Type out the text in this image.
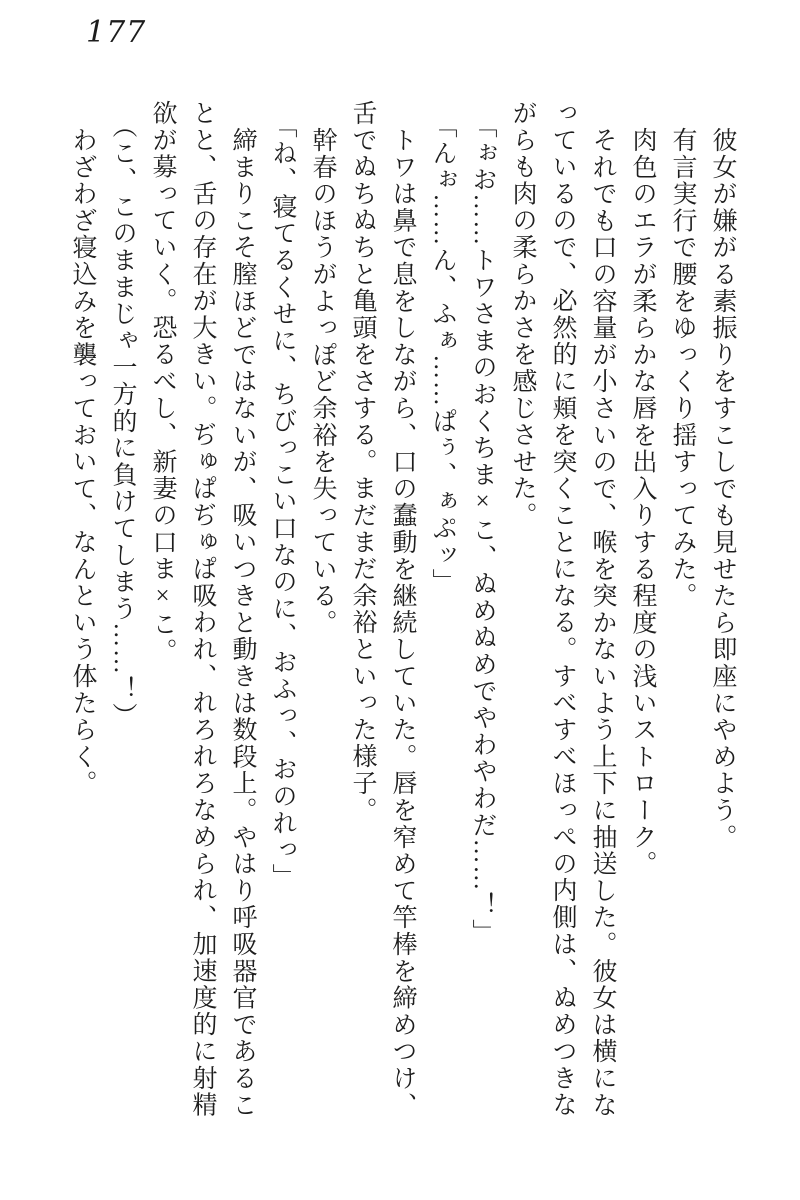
177

彼女が嫌がる素振りをすこしでも見せたら即座にやめよう。

有言実行で腰をゆっくり揺すってみた。

肉色のエラが柔らかな唇を出入りする程度の浅いストローク。

それでも口の容量が小さいので、喉を突かないよう上下に抽送した。彼女は横になっているので、必然的に頬を突くことになる。すべすべほっぺの内側は、ぬめつきながらも肉の柔らかさを感じさせた。

「ぉお……トワさまのおくちま×こ、ぬめぬめでやわやわだ……！」

「んぉ……ん、ふぁ……ぱぅ、ぁぷッ」

トワは鼻で息をしながら、口の蠢動を継続していた。唇を窄めて竿棒を締めつけ、舌でぬちぬちと亀頭をさする。まだまだ余裕といった様子。

幹春のほうがよっぽど余裕を失っている。

「ね、寝てるくせに、ちびっこい口なのに、おふっ、おのれっ」

締まりこそ膣ほどではないが、吸いつきと動きは数段上。やはり呼吸器官であることと、舌の存在が大きい。ぢゅぱぢゅぱ吸われ、れろれろなめられ、加速度的に射精欲が募っていく。恐るべし、新妻の口ま×こ。

（こ、このままじゃ一方的に負けてしまう……！）

わざわざ寝込みを襲っておいて、なんという体たらく。
